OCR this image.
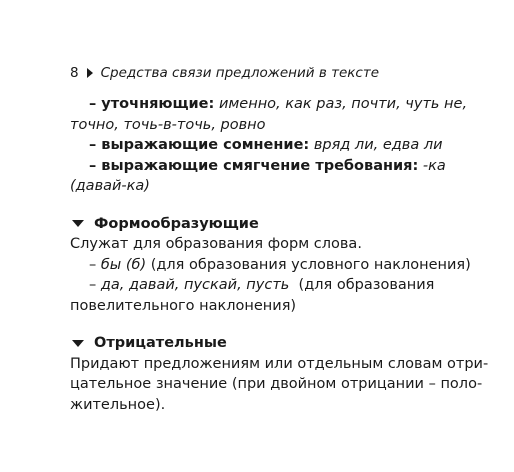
8 Средства связи предложений в тексте
– уточняющие: именно, как раз, почти, чуть не,
точно, точь-в-точь, ровно
– выражающие сомнение: вряд ли, едва ли
– выражающие смягчение требования: -ка
(давай-ка)
Формообразующие
Служат для образования форм слова.
– бы (б) (для образования условного наклонения)
– да, давай, пускай, пусть  (для образования
повелительного наклонения)
Отрицательные
Придают предложениям или отдельным словам отри-
цательное значение (при двойном отрицании – поло-
жительное).
